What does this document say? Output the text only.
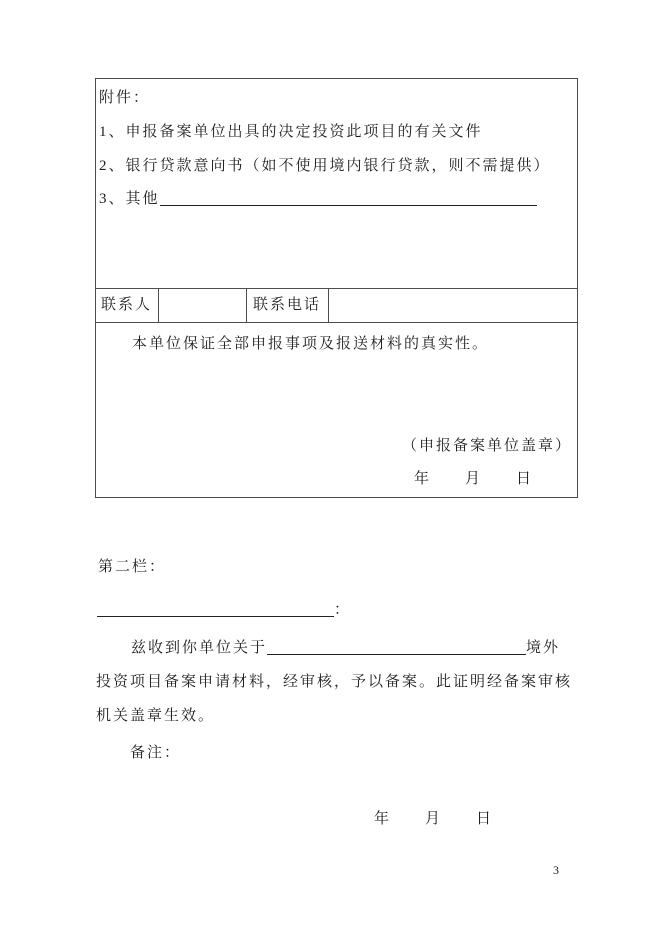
附件：
1、申报备案单位出具的决定投资此项目的有关文件
2、银行贷款意向书（如不使用境内银行贷款，则不需提供）
3、其他
联系人	联系电话
本单位保证全部申报事项及报送材料的真实性。
（申报备案单位盖章）
年　　月　　日
第二栏：
：
兹收到你单位关于	境外
投资项目备案申请材料，经审核，予以备案。此证明经备案审核
机关盖章生效。
备注：
年　　月　　日
3
